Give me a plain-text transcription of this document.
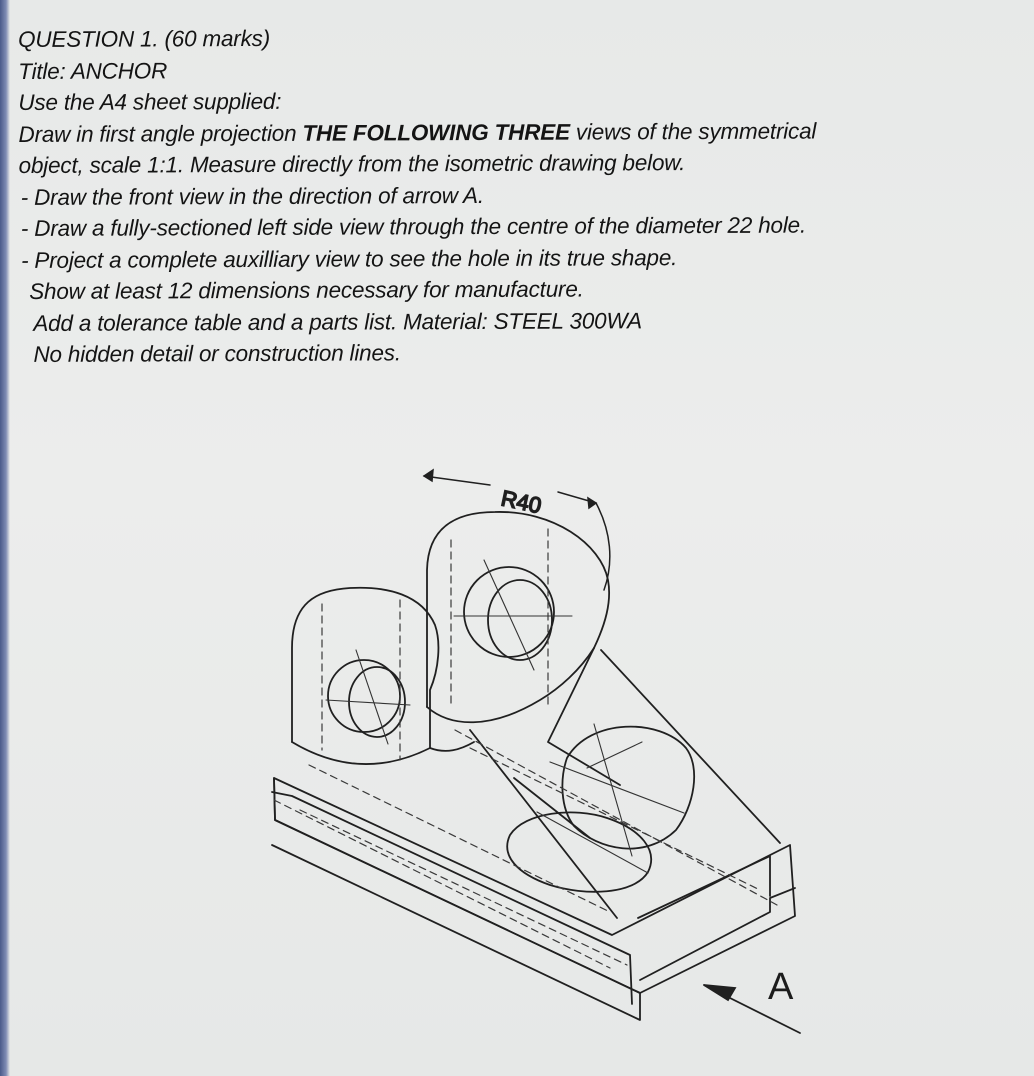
QUESTION 1. (60 marks)
Title: ANCHOR
Use the A4 sheet supplied:
Draw in first angle projection THE FOLLOWING THREE views of the symmetrical
object, scale 1:1. Measure directly from the isometric drawing below.
- Draw the front view in the direction of arrow A.
- Draw a fully-sectioned left side view through the centre of the diameter 22 hole.
- Project a complete auxilliary view to see the hole in its true shape.
Show at least 12 dimensions necessary for manufacture.
Add a tolerance table and a parts list. Material: STEEL 300WA
No hidden detail or construction lines.
R40
A
